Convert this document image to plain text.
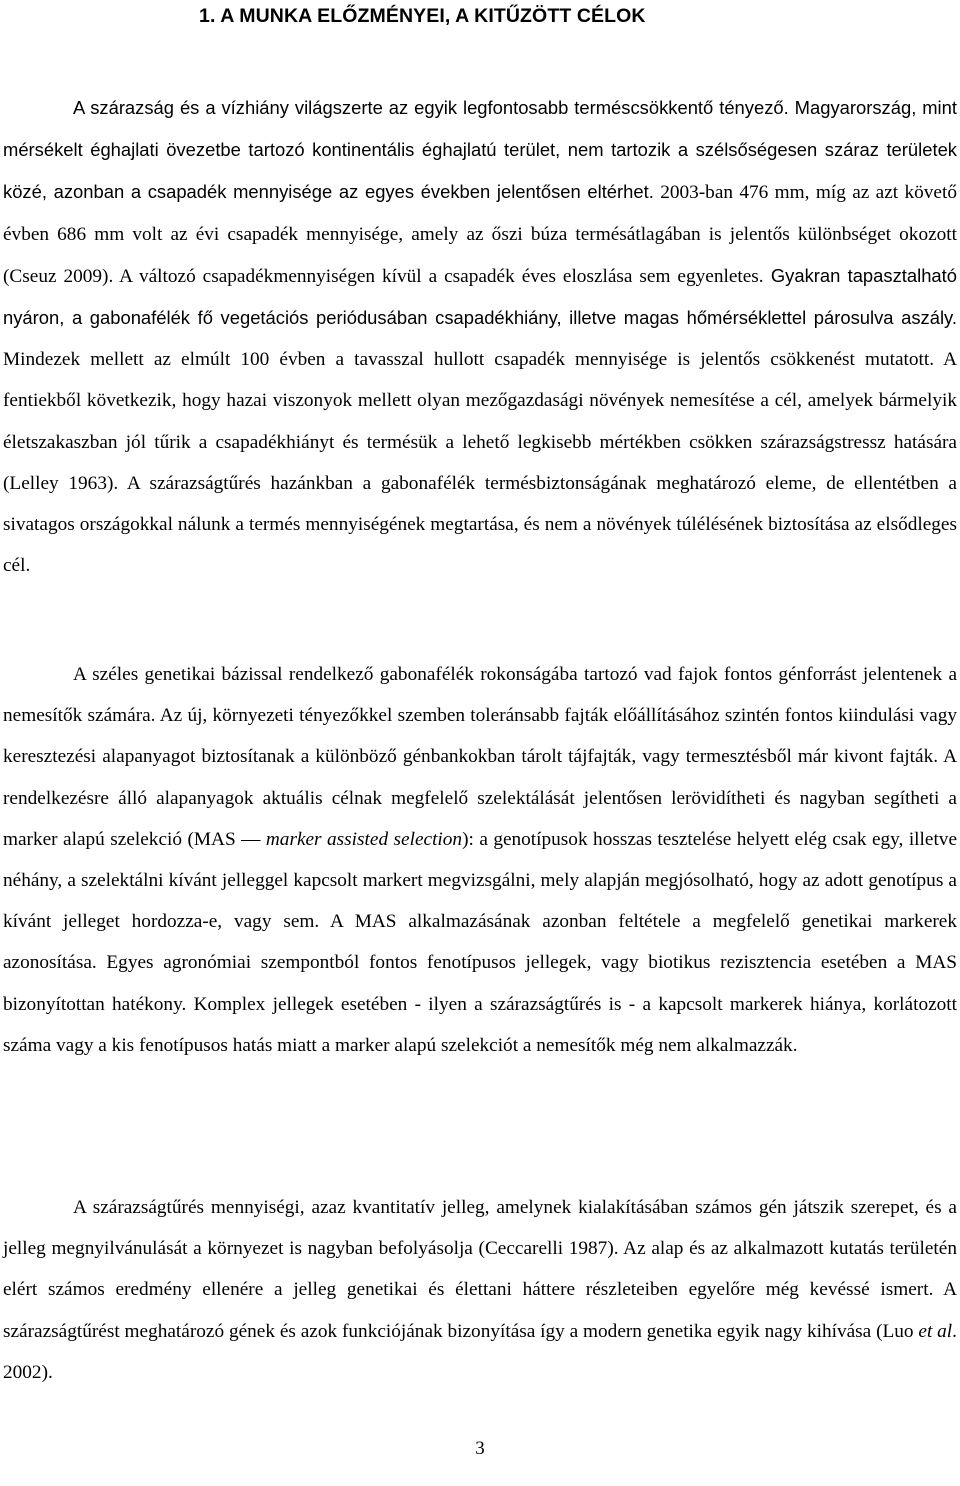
1. A MUNKA ELŐZMÉNYEI, A KITŰZÖTT CÉLOK

A szárazság és a vízhiány világszerte az egyik legfontosabb terméscsökkentő tényező. Magyarország, mint mérsékelt éghajlati övezetbe tartozó kontinentális éghajlatú terület, nem tartozik a szélsőségesen száraz területek közé, azonban a csapadék mennyisége az egyes években jelentősen eltérhet. 2003-ban 476 mm, míg az azt követő évben 686 mm volt az évi csapadék mennyisége, amely az őszi búza termésátlagában is jelentős különbséget okozott (Cseuz 2009). A változó csapadékmennyiségen kívül a csapadék éves eloszlása sem egyenletes. Gyakran tapasztalható nyáron, a gabonafélék fő vegetációs periódusában csapadékhiány, illetve magas hőmérséklettel párosulva aszály. Mindezek mellett az elmúlt 100 évben a tavasszal hullott csapadék mennyisége is jelentős csökkenést mutatott. A fentiekből következik, hogy hazai viszonyok mellett olyan mezőgazdasági növények nemesítése a cél, amelyek bármelyik életszakaszban jól tűrik a csapadékhiányt és termésük a lehető legkisebb mértékben csökken szárazságstressz hatására (Lelley 1963). A szárazságtűrés hazánkban a gabonafélék termésbiztonságának meghatározó eleme, de ellentétben a sivatagos országokkal nálunk a termés mennyiségének megtartása, és nem a növények túlélésének biztosítása az elsődleges cél.

A széles genetikai bázissal rendelkező gabonafélék rokonságába tartozó vad fajok fontos génforrást jelentenek a nemesítők számára. Az új, környezeti tényezőkkel szemben toleránsabb fajták előállításához szintén fontos kiindulási vagy keresztezési alapanyagot biztosítanak a különböző génbankokban tárolt tájfajták, vagy termesztésből már kivont fajták. A rendelkezésre álló alapanyagok aktuális célnak megfelelő szelektálását jelentősen lerövidítheti és nagyban segítheti a marker alapú szelekció (MAS ― marker assisted selection): a genotípusok hosszas tesztelése helyett elég csak egy, illetve néhány, a szelektálni kívánt jelleggel kapcsolt markert megvizsgálni, mely alapján megjósolható, hogy az adott genotípus a kívánt jelleget hordozza-e, vagy sem. A MAS alkalmazásának azonban feltétele a megfelelő genetikai markerek azonosítása. Egyes agronómiai szempontból fontos fenotípusos jellegek, vagy biotikus rezisztencia esetében a MAS bizonyítottan hatékony. Komplex jellegek esetében - ilyen a szárazságtűrés is - a kapcsolt markerek hiánya, korlátozott száma vagy a kis fenotípusos hatás miatt a marker alapú szelekciót a nemesítők még nem alkalmazzák.

A szárazságtűrés mennyiségi, azaz kvantitatív jelleg, amelynek kialakításában számos gén játszik szerepet, és a jelleg megnyilvánulását a környezet is nagyban befolyásolja (Ceccarelli 1987). Az alap és az alkalmazott kutatás területén elért számos eredmény ellenére a jelleg genetikai és élettani háttere részleteiben egyelőre még kevéssé ismert. A szárazságtűrést meghatározó gének és azok funkciójának bizonyítása így a modern genetika egyik nagy kihívása (Luo et al. 2002).

3
